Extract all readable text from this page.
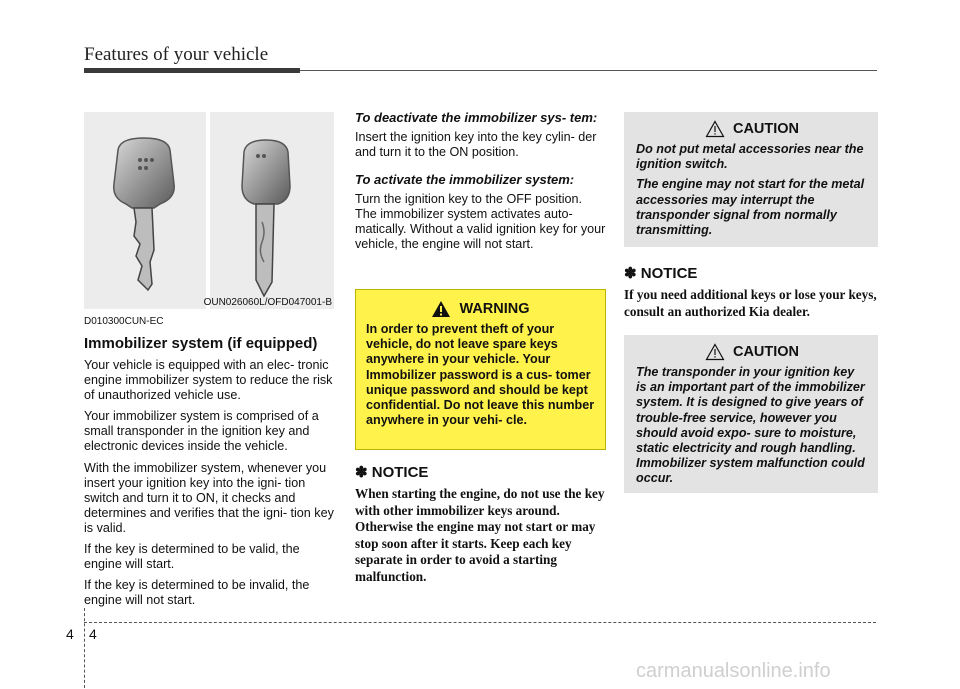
Features of your vehicle
OUN026060L/OFD047001-B
D010300CUN-EC
Immobilizer system (if equipped)

Your vehicle is equipped with an elec- tronic engine immobilizer system to reduce the risk of unauthorized vehicle use.

Your immobilizer system is comprised of a small transponder in the ignition key and electronic devices inside the vehicle.

With the immobilizer system, whenever you insert your ignition key into the igni- tion switch and turn it to ON, it checks and determines and verifies that the igni- tion key is valid.

If the key is determined to be valid, the engine will start.

If the key is determined to be invalid, the engine will not start.

To deactivate the immobilizer sys- tem:

Insert the ignition key into the key cylin- der and turn it to the ON position.

To activate the immobilizer system:

Turn the ignition key to the OFF position. The immobilizer system activates auto- matically. Without a valid ignition key for your vehicle, the engine will not start.

WARNING
In order to prevent theft of your vehicle, do not leave spare keys anywhere in your vehicle. Your Immobilizer password is a cus- tomer unique password and should be kept confidential. Do not leave this number anywhere in your vehi- cle.
✽ NOTICE

When starting the engine, do not use the key with other immobilizer keys around. Otherwise the engine may not start or may stop soon after it starts. Keep each key separate in order to avoid a starting malfunction.

CAUTION

Do not put metal accessories near the ignition switch.

The engine may not start for the metal accessories may interrupt the transponder signal from normally transmitting.

✽ NOTICE

If you need additional keys or lose your keys, consult an authorized Kia dealer.

CAUTION

The transponder in your ignition key is an important part of the immobilizer system. It is designed to give years of trouble-free service, however you should avoid expo- sure to moisture, static electricity and rough handling. Immobilizer system malfunction could occur.

4 4
carmanualsonline.info
